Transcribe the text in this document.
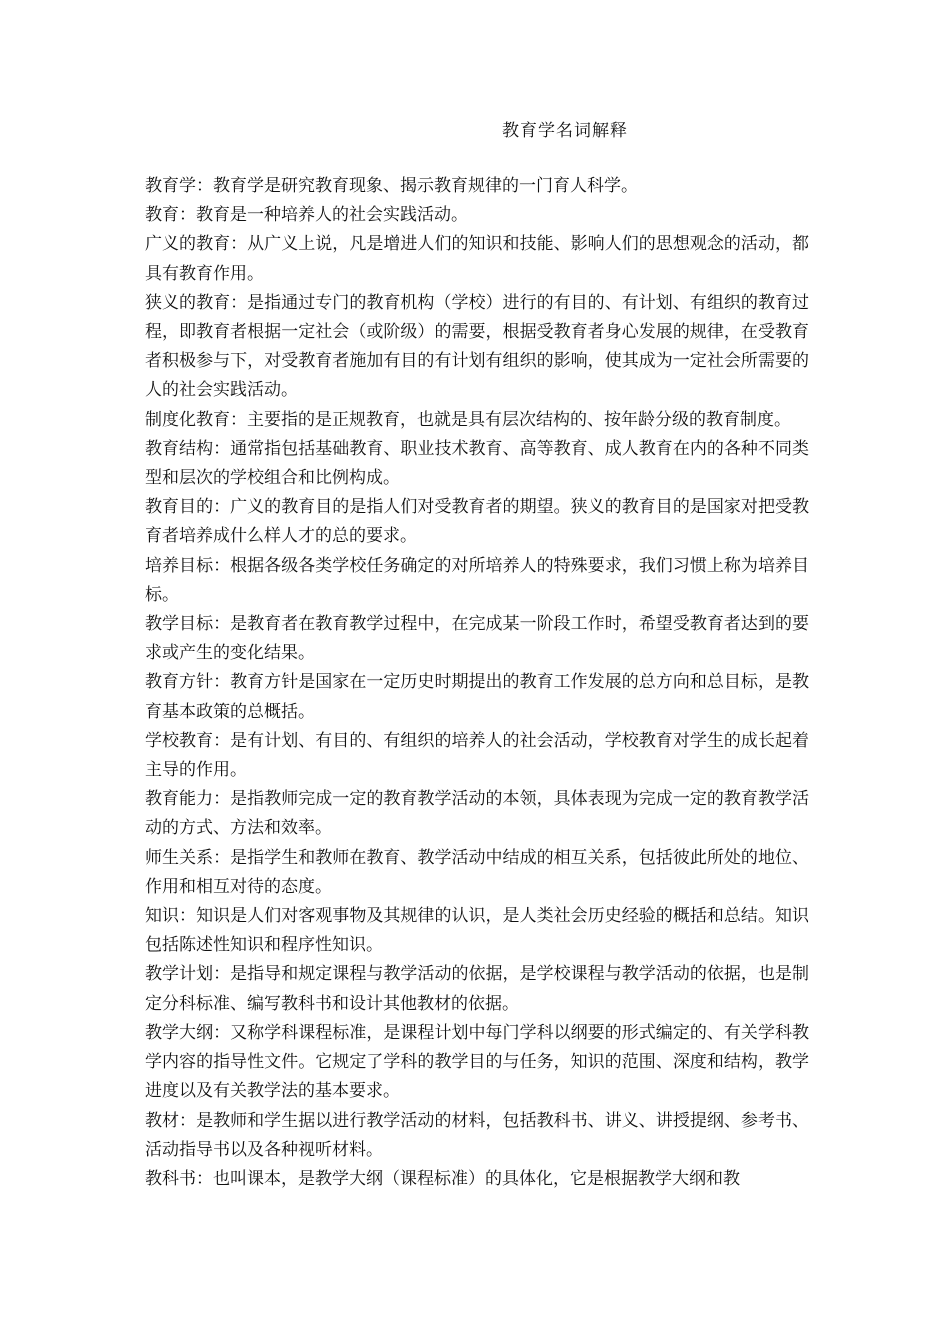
教育学名词解释

教育学：教育学是研究教育现象、揭示教育规律的一门育人科学。

教育：教育是一种培养人的社会实践活动。

广义的教育：从广义上说，凡是增进人们的知识和技能、影响人们的思想观念的活动，都具有教育作用。

狭义的教育：是指通过专门的教育机构（学校）进行的有目的、有计划、有组织的教育过程，即教育者根据一定社会（或阶级）的需要，根据受教育者身心发展的规律，在受教育者积极参与下，对受教育者施加有目的有计划有组织的影响，使其成为一定社会所需要的人的社会实践活动。

制度化教育：主要指的是正规教育，也就是具有层次结构的、按年龄分级的教育制度。

教育结构：通常指包括基础教育、职业技术教育、高等教育、成人教育在内的各种不同类型和层次的学校组合和比例构成。

教育目的：广义的教育目的是指人们对受教育者的期望。狭义的教育目的是国家对把受教育者培养成什么样人才的总的要求。

培养目标：根据各级各类学校任务确定的对所培养人的特殊要求，我们习惯上称为培养目标。

教学目标：是教育者在教育教学过程中，在完成某一阶段工作时，希望受教育者达到的要求或产生的变化结果。

教育方针：教育方针是国家在一定历史时期提出的教育工作发展的总方向和总目标，是教育基本政策的总概括。

学校教育：是有计划、有目的、有组织的培养人的社会活动，学校教育对学生的成长起着主导的作用。

教育能力：是指教师完成一定的教育教学活动的本领，具体表现为完成一定的教育教学活动的方式、方法和效率。

师生关系：是指学生和教师在教育、教学活动中结成的相互关系，包括彼此所处的地位、作用和相互对待的态度。

知识：知识是人们对客观事物及其规律的认识，是人类社会历史经验的概括和总结。知识包括陈述性知识和程序性知识。

教学计划：是指导和规定课程与教学活动的依据，是学校课程与教学活动的依据，也是制定分科标准、编写教科书和设计其他教材的依据。

教学大纲：又称学科课程标准，是课程计划中每门学科以纲要的形式编定的、有关学科教学内容的指导性文件。它规定了学科的教学目的与任务，知识的范围、深度和结构，教学进度以及有关教学法的基本要求。

教材：是教师和学生据以进行教学活动的材料，包括教科书、讲义、讲授提纲、参考书、活动指导书以及各种视听材料。

教科书：也叫课本，是教学大纲（课程标准）的具体化，它是根据教学大纲和教
